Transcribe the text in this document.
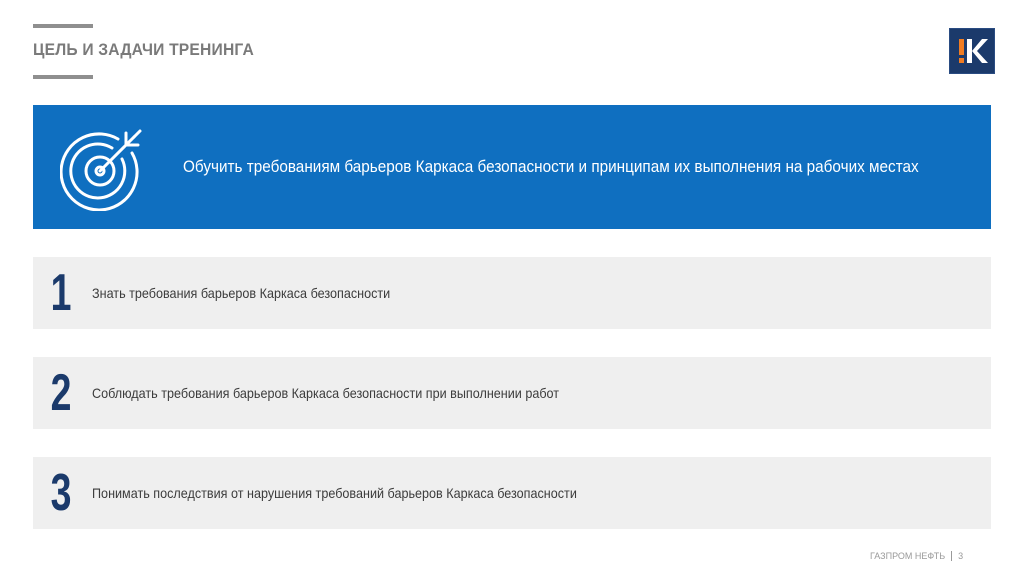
ЦЕЛЬ И ЗАДАЧИ ТРЕНИНГА
Обучить требованиям барьеров Каркаса безопасности и принципам их выполнения на рабочих местах
1 Знать требования барьеров Каркаса безопасности
2 Соблюдать требования барьеров Каркаса безопасности при выполнении работ
3 Понимать последствия от нарушения требований барьеров Каркаса безопасности
ГАЗПРОМ НЕФТЬ 3
